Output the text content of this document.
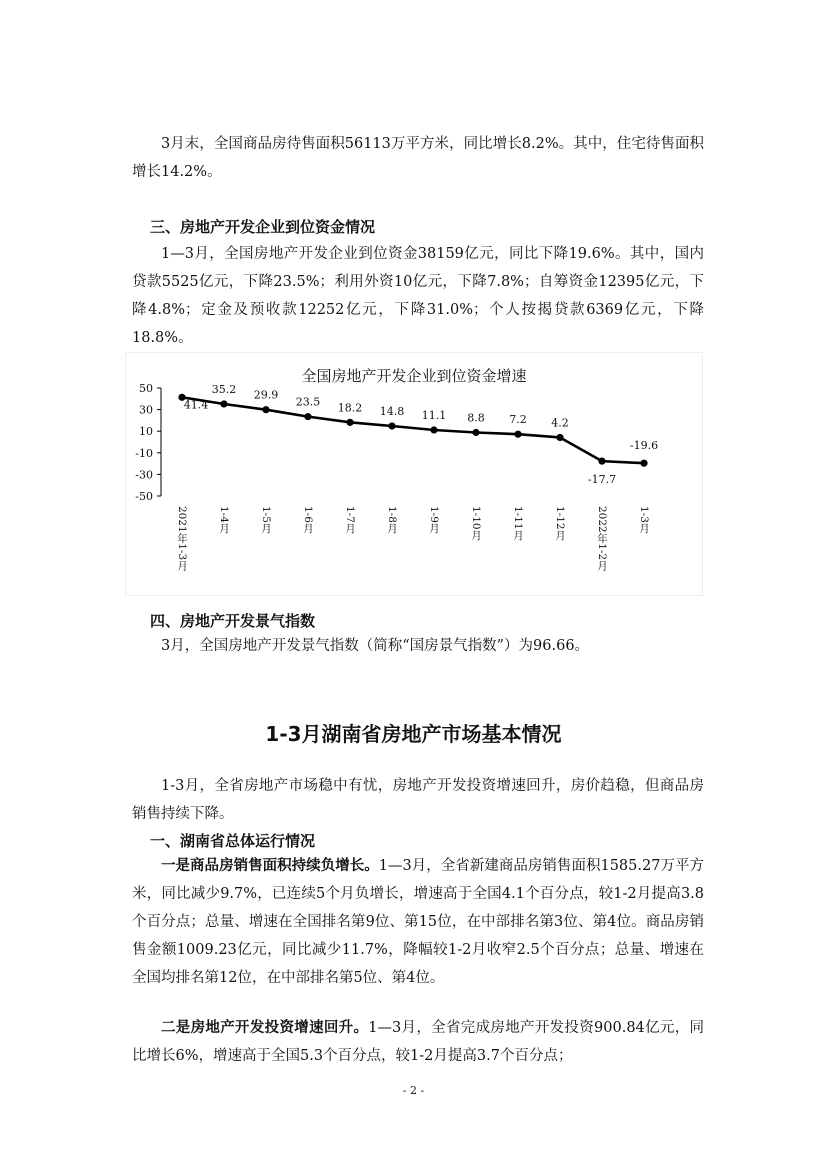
3月末，全国商品房待售面积56113万平方米，同比增长8.2%。其中，住宅待售面积增长14.2%。

三、房地产开发企业到位资金情况

1—3月，全国房地产开发企业到位资金38159亿元，同比下降19.6%。其中，国内贷款5525亿元，下降23.5%；利用外资10亿元，下降7.8%；自筹资金12395亿元，下降4.8%；定金及预收款12252亿元，下降31.0%；个人按揭贷款6369亿元，下降18.8%。

全国房地产开发企业到位资金增速
50
30
10
-10
-30
-50
2021年1-3月	1-4月	1-5月	1-6月	1-7月	1-8月	1-9月	1-10月	1-11月	1-12月	2022年1-2月	1-3月
41.4
35.2 29.9
23.5 18.2 14.8 11.1 8.8 7.2 4.2
-17.7
-19.6

四、房地产开发景气指数

3月，全国房地产开发景气指数（简称“国房景气指数”）为96.66。

1-3月湖南省房地产市场基本情况

1-3月，全省房地产市场稳中有忧，房地产开发投资增速回升，房价趋稳，但商品房销售持续下降。

一、湖南省总体运行情况

一是商品房销售面积持续负增长。1—3月，全省新建商品房销售面积1585.27万平方米，同比减少9.7%，已连续5个月负增长，增速高于全国4.1个百分点，较1-2月提高3.8个百分点；总量、增速在全国排名第9位、第15位，在中部排名第3位、第4位。商品房销售金额1009.23亿元，同比减少11.7%，降幅较1-2月收窄2.5个百分点；总量、增速在全国均排名第12位，在中部排名第5位、第4位。

二是房地产开发投资增速回升。1—3月，全省完成房地产开发投资900.84亿元，同比增长6%，增速高于全国5.3个百分点，较1-2月提高3.7个百分点；

- 2 -
